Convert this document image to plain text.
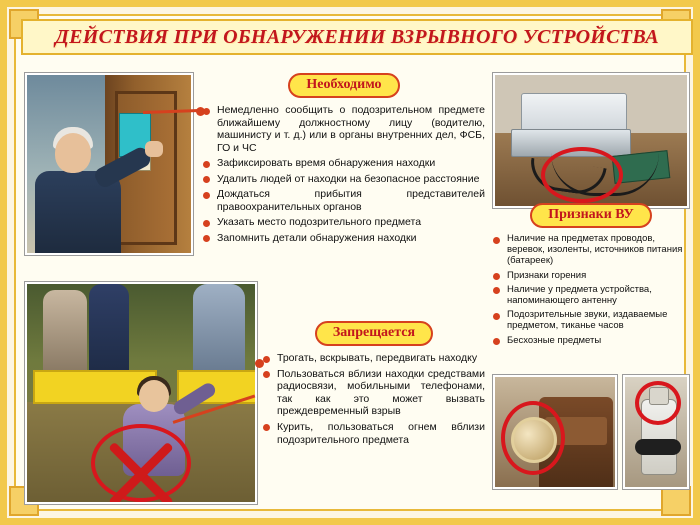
ДЕЙСТВИЯ ПРИ ОБНАРУЖЕНИИ ВЗРЫВНОГО УСТРОЙСТВА
Необходимо
Немедленно сообщить о подозрительном предмете ближайшему должностному лицу (водителю, машинисту и т. д.) или в органы внутренних дел, ФСБ, ГО и ЧС
Зафиксировать время обнаружения находки
Удалить людей от находки на безопасное расстояние
Дождаться прибытия представителей правоохранительных органов
Указать место подозрительного предмета
Запомнить детали обнаружения находки
Запрещается
Трогать, вскрывать, передвигать находку
Пользоваться вблизи находки средствами радиосвязи, мобильными телефонами, так как это может вызвать преждевременный взрыв
Курить, пользоваться огнем вблизи подозрительного предмета
Признаки ВУ
Наличие на предметах проводов, веревок, изоленты, источников питания (батареек)
Признаки горения
Наличие у предмета устройства, напоминающего антенну
Подозрительные звуки, издаваемые предметом, тиканье часов
Бесхозные предметы
